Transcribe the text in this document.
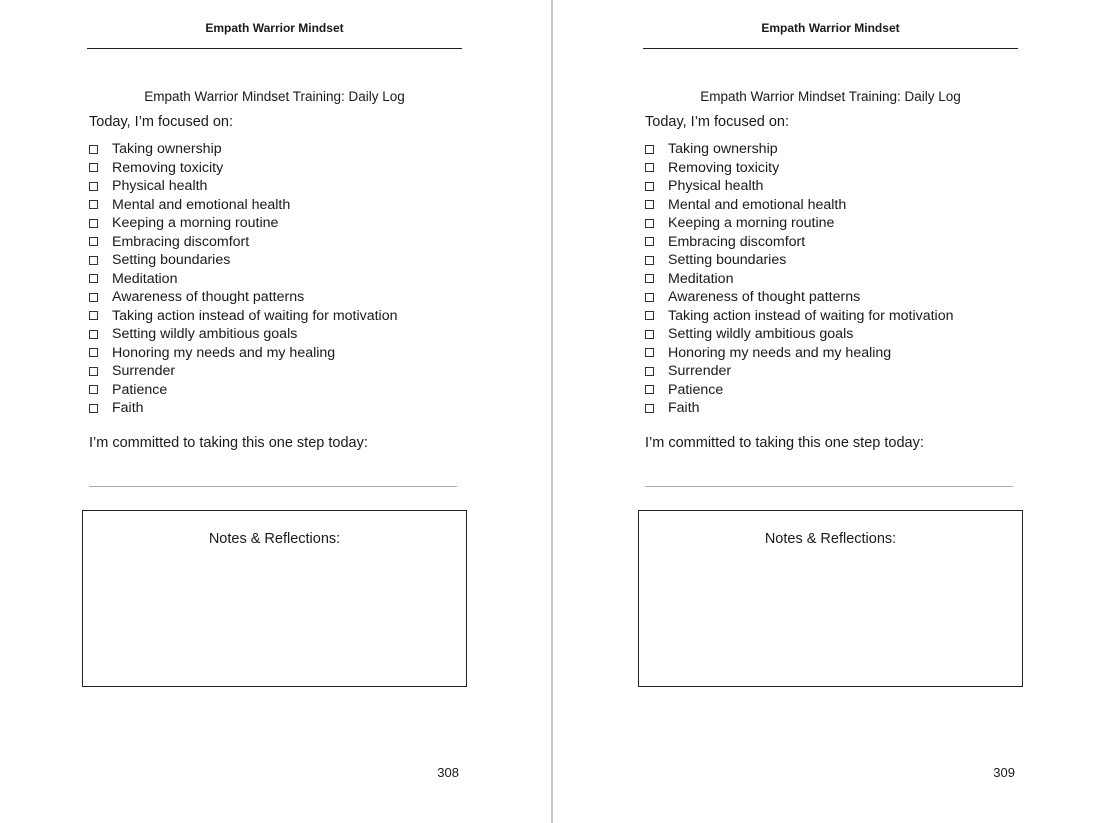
Empath Warrior Mindset
Empath Warrior Mindset Training: Daily Log
Today, I’m focused on:
Taking ownership
Removing toxicity
Physical health
Mental and emotional health
Keeping a morning routine
Embracing discomfort
Setting boundaries
Meditation
Awareness of thought patterns
Taking action instead of waiting for motivation
Setting wildly ambitious goals
Honoring my needs and my healing
Surrender
Patience
Faith
I’m committed to taking this one step today:
Notes & Reflections:
308
Empath Warrior Mindset
Empath Warrior Mindset Training: Daily Log
Today, I’m focused on:
Taking ownership
Removing toxicity
Physical health
Mental and emotional health
Keeping a morning routine
Embracing discomfort
Setting boundaries
Meditation
Awareness of thought patterns
Taking action instead of waiting for motivation
Setting wildly ambitious goals
Honoring my needs and my healing
Surrender
Patience
Faith
I’m committed to taking this one step today:
Notes & Reflections:
309
